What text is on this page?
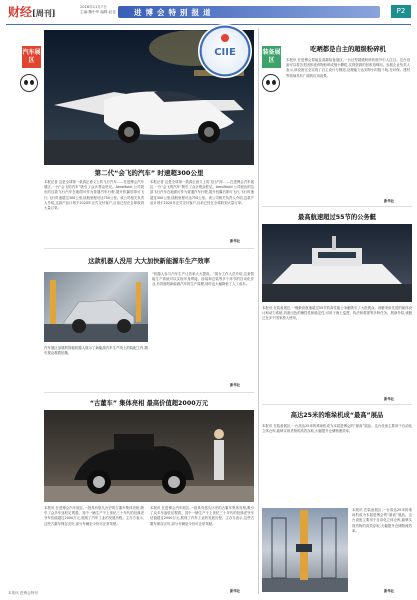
财经[周刊]
2018年11月7日
主编:魏中华 编辑:赵佳 进博会特别报道	P2
汽车展区
CIIE
第二代“会飞的汽车” 时速超300公里
本报记者 这是全球第一款真正意义上的飞行汽车……在进博会汽车展区,一台“会飞的汽车”吸引了众多观众驻足。AeroMobil 公司展出的这款飞行汽车在地面可作为普通汽车行驶,展开机翼后即可飞行,飞行时速超过300公里,续航里程可达750公里。该公司相关负责人介绍,这款产品计划于2020年正式交付客户,目前已经在全球收到大量订单。
本报记者 这是全球第一款真正意义上的飞行汽车……在进博会汽车展区,一台“会飞的汽车”吸引了众多观众驻足。AeroMobil 公司展出的这款飞行汽车在地面可作为普通汽车行驶,展开机翼后即可飞行,飞行时速超过300公里,续航里程可达750公里。该公司相关负责人介绍,这款产品计划于2020年正式交付客户,目前已经在全球收到大量订单。
新华社
这款机器人没用 大大加快新能源车生产效率
汽车展区参展的智能机器人展示了新能源汽车生产线上的装配工作,吸引观众观看拍摄。
“机器人参与汽车生产让效率大大提高。”展台工作人员介绍,这套智能生产系统可以实现车身焊接、涂装和总装等多个环节的自动化作业,有效缩短新能源汽车的生产周期,同时也大幅降低了人工成本。
新华社
“古董车” 集体亮相 最高价值超2000万元
本报讯 在进博会汽车展区,一批具有悠久历史的古董车集体亮相,吸引了众多车迷驻足观看。其中一辆生产于上世纪三十年代的经典老爷车估值超过2000万元,展现了汽车工业的发展历程。主办方表示,这些古董车保存完好,部分车辆至今仍可正常驾驶。
本报讯 在进博会汽车展区,一批具有悠久历史的古董车集体亮相,吸引了众多车迷驻足观看。其中一辆生产于上世纪三十年代的经典老爷车估值超过2000万元,展现了汽车工业的发展历程。主办方表示,这些古董车保存完好,部分车辆至今仍可正常驾驶。
新华社
本报讯 进博会特刊
装备展区
吃晒都是自主的超级粉碎机
本报讯 在进博会智能及高端装备展区,一台巨型超级粉碎机格外引人注目。这台设备可以将各类固体废弃物粉碎成细小颗粒,实现资源的回收再利用。参展企业负责人表示,该设备完全实现了自主设计与制造,处理能力达到每小时数十吨,在环保、建材等领域具有广阔的应用前景。
新华社
最高航速超过55节的公务艇
本报讯 在装备展区,一艘最高航速超过55节的高性能公务艇吸引了大批观众。该艇采用先进的船体设计和动力系统,具备出色的操控性和稳定性,可用于海上巡逻、执法和救援等多种任务。展商介绍,该艇已在多个国家投入使用。
新华社
高达25米的堆垛机成“最高”展品
本报讯 在装备展区,一台高达25米的堆垛机成为本届进博会的“最高”展品。这台设备主要用于自动化立体仓库,能够实现货物的高效存取,大幅提升仓储物流效率。
本报讯 在装备展区,一台高达25米的堆垛机成为本届进博会的“最高”展品。这台设备主要用于自动化立体仓库,能够实现货物的高效存取,大幅提升仓储物流效率。
新华社
